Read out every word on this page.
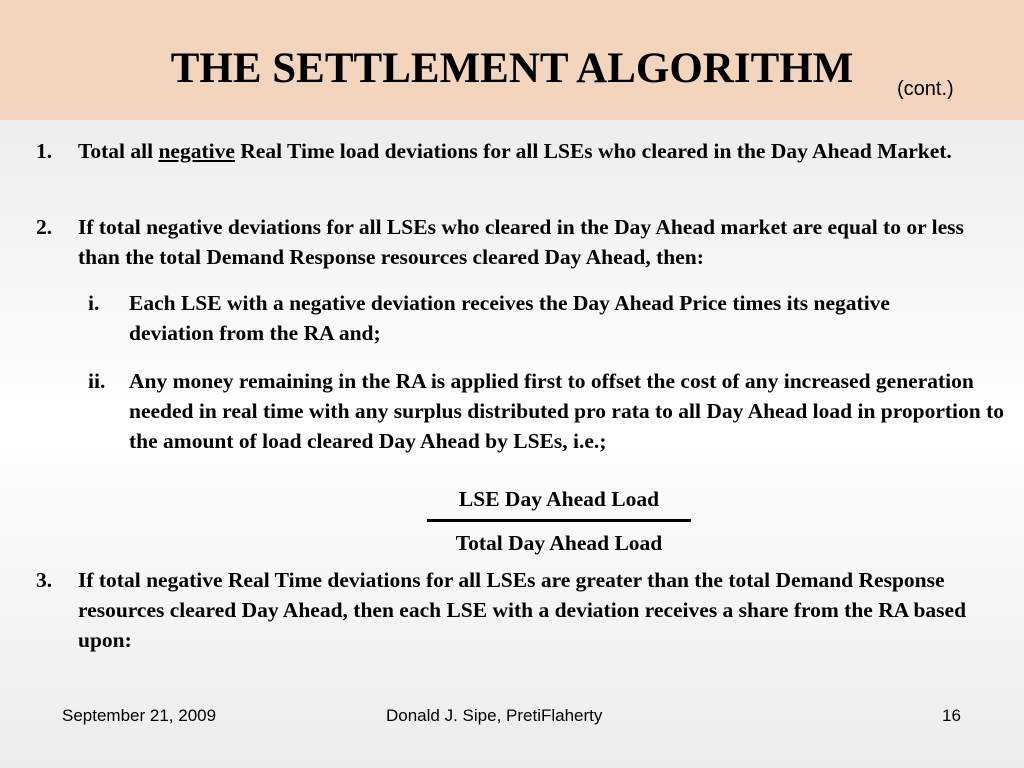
THE SETTLEMENT ALGORITHM	(cont.)
1. Total all negative Real Time load deviations for all LSEs who cleared in the Day Ahead Market.
2. If total negative deviations for all LSEs who cleared in the Day Ahead market are equal to or less than the total Demand Response resources cleared Day Ahead, then:
i. Each LSE with a negative deviation receives the Day Ahead Price times its negative deviation from the RA and;
ii. Any money remaining in the RA is applied first to offset the cost of any increased generation needed in real time with any surplus distributed pro rata to all Day Ahead load in proportion to the amount of load cleared Day Ahead by LSEs, i.e.;
LSE Day Ahead Load
Total Day Ahead Load
3. If total negative Real Time deviations for all LSEs are greater than the total Demand Response resources cleared Day Ahead, then each LSE with a deviation receives a share from the RA based upon:
September 21, 2009	Donald J. Sipe, PretiFlaherty	16
